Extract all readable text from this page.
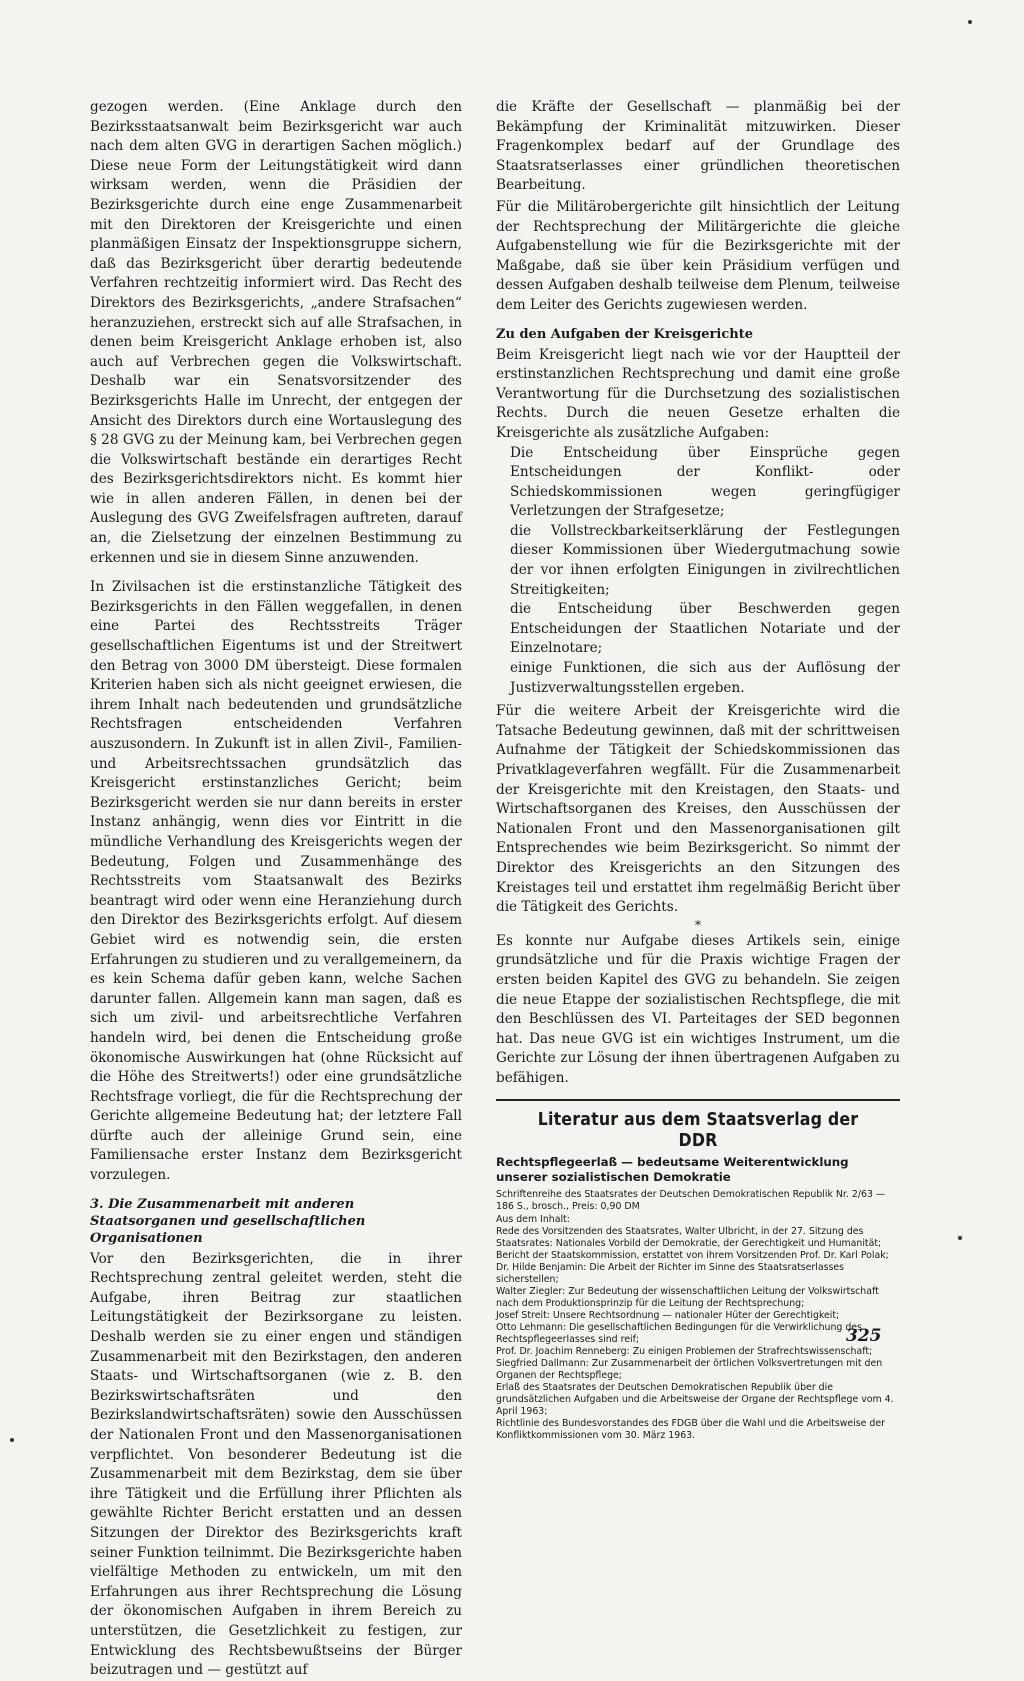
gezogen werden. (Eine Anklage durch den Bezirksstaatsanwalt beim Bezirksgericht war auch nach dem alten GVG in derartigen Sachen möglich.) Diese neue Form der Leitungstätigkeit wird dann wirksam werden, wenn die Präsidien der Bezirksgerichte durch eine enge Zusammenarbeit mit den Direktoren der Kreisgerichte und einen planmäßigen Einsatz der Inspektionsgruppe sichern, daß das Bezirksgericht über derartig bedeutende Verfahren rechtzeitig informiert wird. Das Recht des Direktors des Bezirksgerichts, „andere Strafsachen“ heranzuziehen, erstreckt sich auf alle Strafsachen, in denen beim Kreisgericht Anklage erhoben ist, also auch auf Verbrechen gegen die Volkswirtschaft. Deshalb war ein Senatsvorsitzender des Bezirksgerichts Halle im Unrecht, der entgegen der Ansicht des Direktors durch eine Wortauslegung des § 28 GVG zu der Meinung kam, bei Verbrechen gegen die Volkswirtschaft bestände ein derartiges Recht des Bezirksgerichtsdirektors nicht. Es kommt hier wie in allen anderen Fällen, in denen bei der Auslegung des GVG Zweifelsfragen auftreten, darauf an, die Zielsetzung der einzelnen Bestimmung zu erkennen und sie in diesem Sinne anzuwenden.

In Zivilsachen ist die erstinstanzliche Tätigkeit des Bezirksgerichts in den Fällen weggefallen, in denen eine Partei des Rechtsstreits Träger gesellschaftlichen Eigentums ist und der Streitwert den Betrag von 3000 DM übersteigt. Diese formalen Kriterien haben sich als nicht geeignet erwiesen, die ihrem Inhalt nach bedeutenden und grundsätzliche Rechtsfragen entscheidenden Verfahren auszusondern. In Zukunft ist in allen Zivil-, Familien- und Arbeitsrechtssachen grundsätzlich das Kreisgericht erstinstanzliches Gericht; beim Bezirksgericht werden sie nur dann bereits in erster Instanz anhängig, wenn dies vor Eintritt in die mündliche Verhandlung des Kreisgerichts wegen der Bedeutung, Folgen und Zusammenhänge des Rechtsstreits vom Staatsanwalt des Bezirks beantragt wird oder wenn eine Heranziehung durch den Direktor des Bezirksgerichts erfolgt. Auf diesem Gebiet wird es notwendig sein, die ersten Erfahrungen zu studieren und zu verallgemeinern, da es kein Schema dafür geben kann, welche Sachen darunter fallen. Allgemein kann man sagen, daß es sich um zivil- und arbeitsrechtliche Verfahren handeln wird, bei denen die Entscheidung große ökonomische Auswirkungen hat (ohne Rücksicht auf die Höhe des Streitwerts!) oder eine grundsätzliche Rechtsfrage vorliegt, die für die Rechtsprechung der Gerichte allgemeine Bedeutung hat; der letztere Fall dürfte auch der alleinige Grund sein, eine Familiensache erster Instanz dem Bezirksgericht vorzulegen.

3. Die Zusammenarbeit mit anderen Staatsorganen und gesellschaftlichen Organisationen

Vor den Bezirksgerichten, die in ihrer Rechtsprechung zentral geleitet werden, steht die Aufgabe, ihren Beitrag zur staatlichen Leitungstätigkeit der Bezirksorgane zu leisten. Deshalb werden sie zu einer engen und ständigen Zusammenarbeit mit den Bezirkstagen, den anderen Staats- und Wirtschaftsorganen (wie z. B. den Bezirkswirtschaftsräten und den Bezirkslandwirtschaftsräten) sowie den Ausschüssen der Nationalen Front und den Massenorganisationen verpflichtet. Von besonderer Bedeutung ist die Zusammenarbeit mit dem Bezirkstag, dem sie über ihre Tätigkeit und die Erfüllung ihrer Pflichten als gewählte Richter Bericht erstatten und an dessen Sitzungen der Direktor des Bezirksgerichts kraft seiner Funktion teilnimmt. Die Bezirksgerichte haben vielfältige Methoden zu entwickeln, um mit den Erfahrungen aus ihrer Rechtsprechung die Lösung der ökonomischen Aufgaben in ihrem Bereich zu unterstützen, die Gesetzlichkeit zu festigen, zur Entwicklung des Rechtsbewußtseins der Bürger beizutragen und — gestützt auf

die Kräfte der Gesellschaft — planmäßig bei der Bekämpfung der Kriminalität mitzuwirken. Dieser Fragenkomplex bedarf auf der Grundlage des Staatsratserlasses einer gründlichen theoretischen Bearbeitung.

Für die Militärobergerichte gilt hinsichtlich der Leitung der Rechtsprechung der Militärgerichte die gleiche Aufgabenstellung wie für die Bezirksgerichte mit der Maßgabe, daß sie über kein Präsidium verfügen und dessen Aufgaben deshalb teilweise dem Plenum, teilweise dem Leiter des Gerichts zugewiesen werden.

Zu den Aufgaben der Kreisgerichte

Beim Kreisgericht liegt nach wie vor der Hauptteil der erstinstanzlichen Rechtsprechung und damit eine große Verantwortung für die Durchsetzung des sozialistischen Rechts. Durch die neuen Gesetze erhalten die Kreisgerichte als zusätzliche Aufgaben:

Die Entscheidung über Einsprüche gegen Entscheidungen der Konflikt- oder Schiedskommissionen wegen geringfügiger Verletzungen der Strafgesetze;

die Vollstreckbarkeitserklärung der Festlegungen dieser Kommissionen über Wiedergutmachung sowie der vor ihnen erfolgten Einigungen in zivilrechtlichen Streitigkeiten;

die Entscheidung über Beschwerden gegen Entscheidungen der Staatlichen Notariate und der Einzelnotare;

einige Funktionen, die sich aus der Auflösung der Justizverwaltungsstellen ergeben.

Für die weitere Arbeit der Kreisgerichte wird die Tatsache Bedeutung gewinnen, daß mit der schrittweisen Aufnahme der Tätigkeit der Schiedskommissionen das Privatklageverfahren wegfällt. Für die Zusammenarbeit der Kreisgerichte mit den Kreistagen, den Staats- und Wirtschaftsorganen des Kreises, den Ausschüssen der Nationalen Front und den Massenorganisationen gilt Entsprechendes wie beim Bezirksgericht. So nimmt der Direktor des Kreisgerichts an den Sitzungen des Kreistages teil und erstattet ihm regelmäßig Bericht über die Tätigkeit des Gerichts.

*

Es konnte nur Aufgabe dieses Artikels sein, einige grundsätzliche und für die Praxis wichtige Fragen der ersten beiden Kapitel des GVG zu behandeln. Sie zeigen die neue Etappe der sozialistischen Rechtspflege, die mit den Beschlüssen des VI. Parteitages der SED begonnen hat. Das neue GVG ist ein wichtiges Instrument, um die Gerichte zur Lösung der ihnen übertragenen Aufgaben zu befähigen.

Literatur aus dem Staatsverlag der DDR
Rechtspflegeerlaß — bedeutsame Weiterentwicklung unserer sozialistischen Demokratie
Schriftenreihe des Staatsrates der Deutschen Demokratischen Republik Nr. 2/63 — 186 S., brosch., Preis: 0,90 DM
Aus dem Inhalt:
Rede des Vorsitzenden des Staatsrates, Walter Ulbricht, in der 27. Sitzung des Staatsrates: Nationales Vorbild der Demokratie, der Gerechtigkeit und Humanität;
Bericht der Staatskommission, erstattet von ihrem Vorsitzenden Prof. Dr. Karl Polak;
Dr. Hilde Benjamin: Die Arbeit der Richter im Sinne des Staatsratserlasses sicherstellen;
Walter Ziegler: Zur Bedeutung der wissenschaftlichen Leitung der Volkswirtschaft nach dem Produktionsprinzip für die Leitung der Rechtsprechung;
Josef Streit: Unsere Rechtsordnung — nationaler Hüter der Gerechtigkeit;
Otto Lehmann: Die gesellschaftlichen Bedingungen für die Verwirklichung des Rechtspflegeerlasses sind reif;
Prof. Dr. Joachim Renneberg: Zu einigen Problemen der Strafrechtswissenschaft;
Siegfried Dallmann: Zur Zusammenarbeit der örtlichen Volksvertretungen mit den Organen der Rechtspflege;
Erlaß des Staatsrates der Deutschen Demokratischen Republik über die grundsätzlichen Aufgaben und die Arbeitsweise der Organe der Rechtspflege vom 4. April 1963;
Richtlinie des Bundesvorstandes des FDGB über die Wahl und die Arbeitsweise der Konfliktkommissionen vom 30. März 1963.
325
